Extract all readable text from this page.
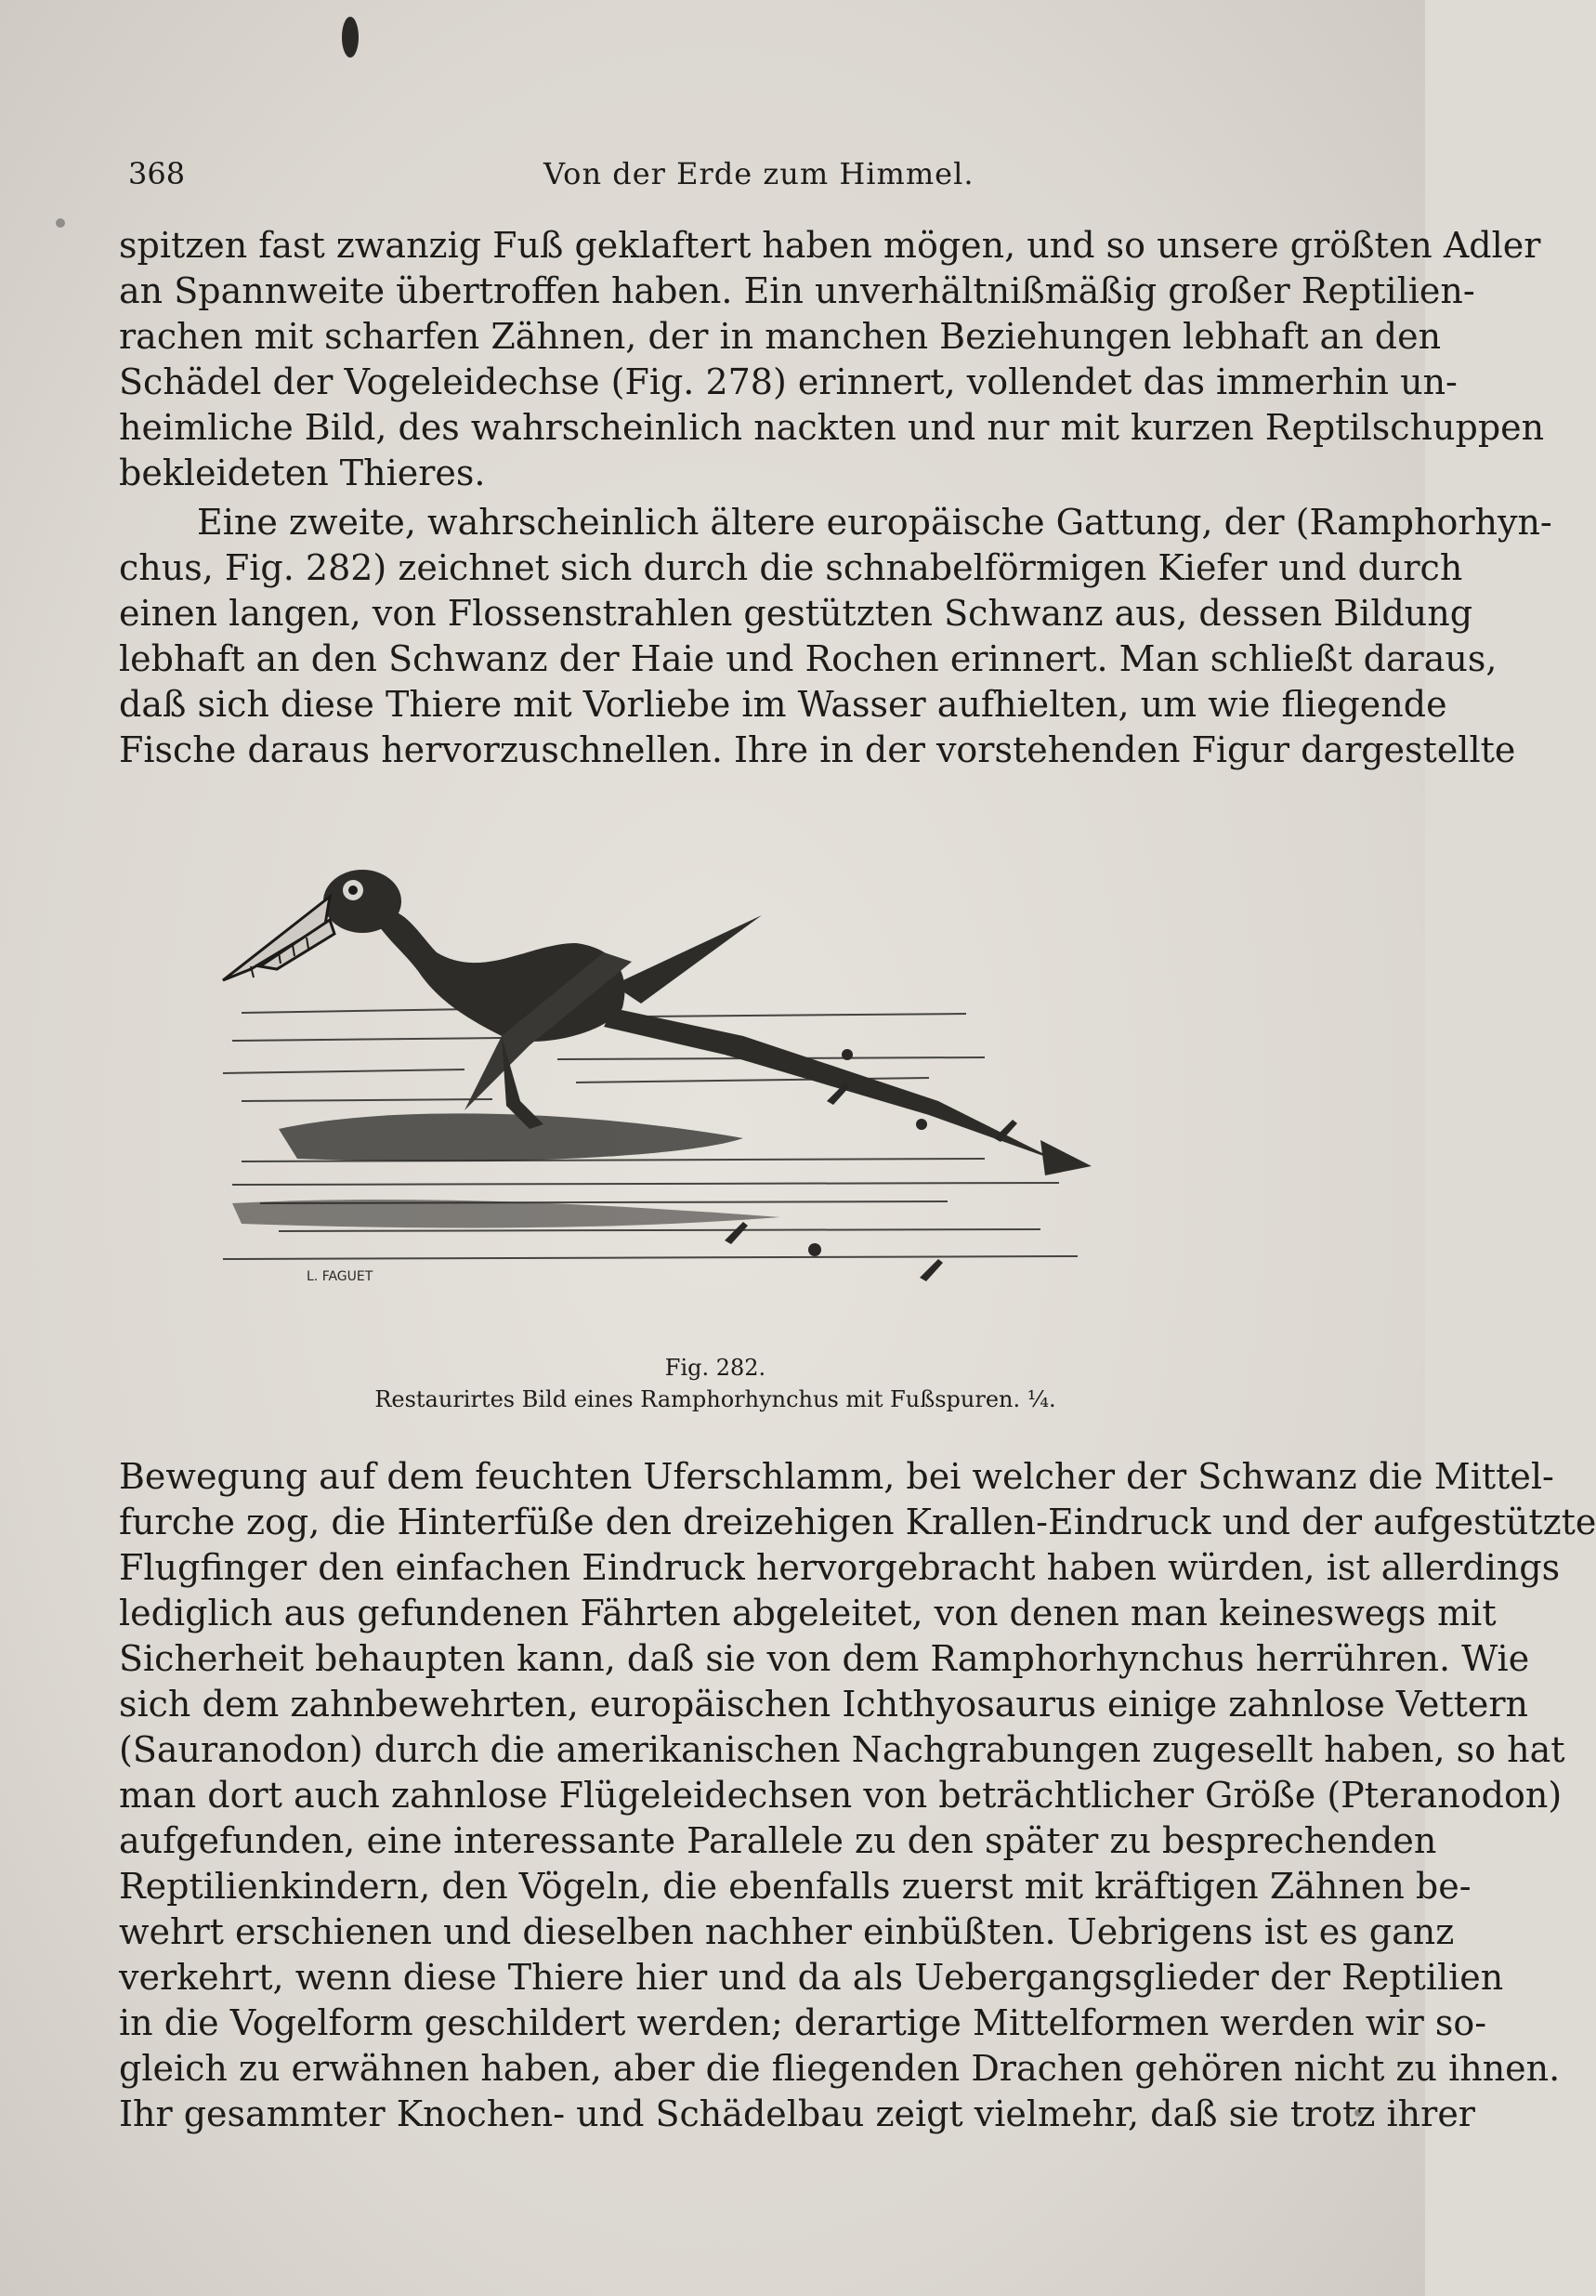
368	Von der Erde zum Himmel.
spitzen fast zwanzig Fuß geklaftert haben mögen, und so unsere größten Adler
an Spannweite übertroffen haben. Ein unverhältnißmäßig großer Reptilien-
rachen mit scharfen Zähnen, der in manchen Beziehungen lebhaft an den
Schädel der Vogeleidechse (Fig. 278) erinnert, vollendet das immerhin un-
heimliche Bild, des wahrscheinlich nackten und nur mit kurzen Reptilschuppen
bekleideten Thieres.
Eine zweite, wahrscheinlich ältere europäische Gattung, der (Ramphorhyn-
chus, Fig. 282) zeichnet sich durch die schnabelförmigen Kiefer und durch
einen langen, von Flossenstrahlen gestützten Schwanz aus, dessen Bildung
lebhaft an den Schwanz der Haie und Rochen erinnert. Man schließt daraus,
daß sich diese Thiere mit Vorliebe im Wasser aufhielten, um wie fliegende
Fische daraus hervorzuschnellen. Ihre in der vorstehenden Figur dargestellte
L. FAGUET
Fig. 282.
Restaurirtes Bild eines Ramphorhynchus mit Fußspuren. ¼.
Bewegung auf dem feuchten Uferschlamm, bei welcher der Schwanz die Mittel-
furche zog, die Hinterfüße den dreizehigen Krallen-Eindruck und der aufgestützte
Flugfinger den einfachen Eindruck hervorgebracht haben würden, ist allerdings
lediglich aus gefundenen Fährten abgeleitet, von denen man keineswegs mit
Sicherheit behaupten kann, daß sie von dem Ramphorhynchus herrühren. Wie
sich dem zahnbewehrten, europäischen Ichthyosaurus einige zahnlose Vettern
(Sauranodon) durch die amerikanischen Nachgrabungen zugesellt haben, so hat
man dort auch zahnlose Flügeleidechsen von beträchtlicher Größe (Pteranodon)
aufgefunden, eine interessante Parallele zu den später zu besprechenden
Reptilienkindern, den Vögeln, die ebenfalls zuerst mit kräftigen Zähnen be-
wehrt erschienen und dieselben nachher einbüßten. Uebrigens ist es ganz
verkehrt, wenn diese Thiere hier und da als Uebergangsglieder der Reptilien
in die Vogelform geschildert werden; derartige Mittelformen werden wir so-
gleich zu erwähnen haben, aber die fliegenden Drachen gehören nicht zu ihnen.
Ihr gesammter Knochen- und Schädelbau zeigt vielmehr, daß sie trotz ihrer
